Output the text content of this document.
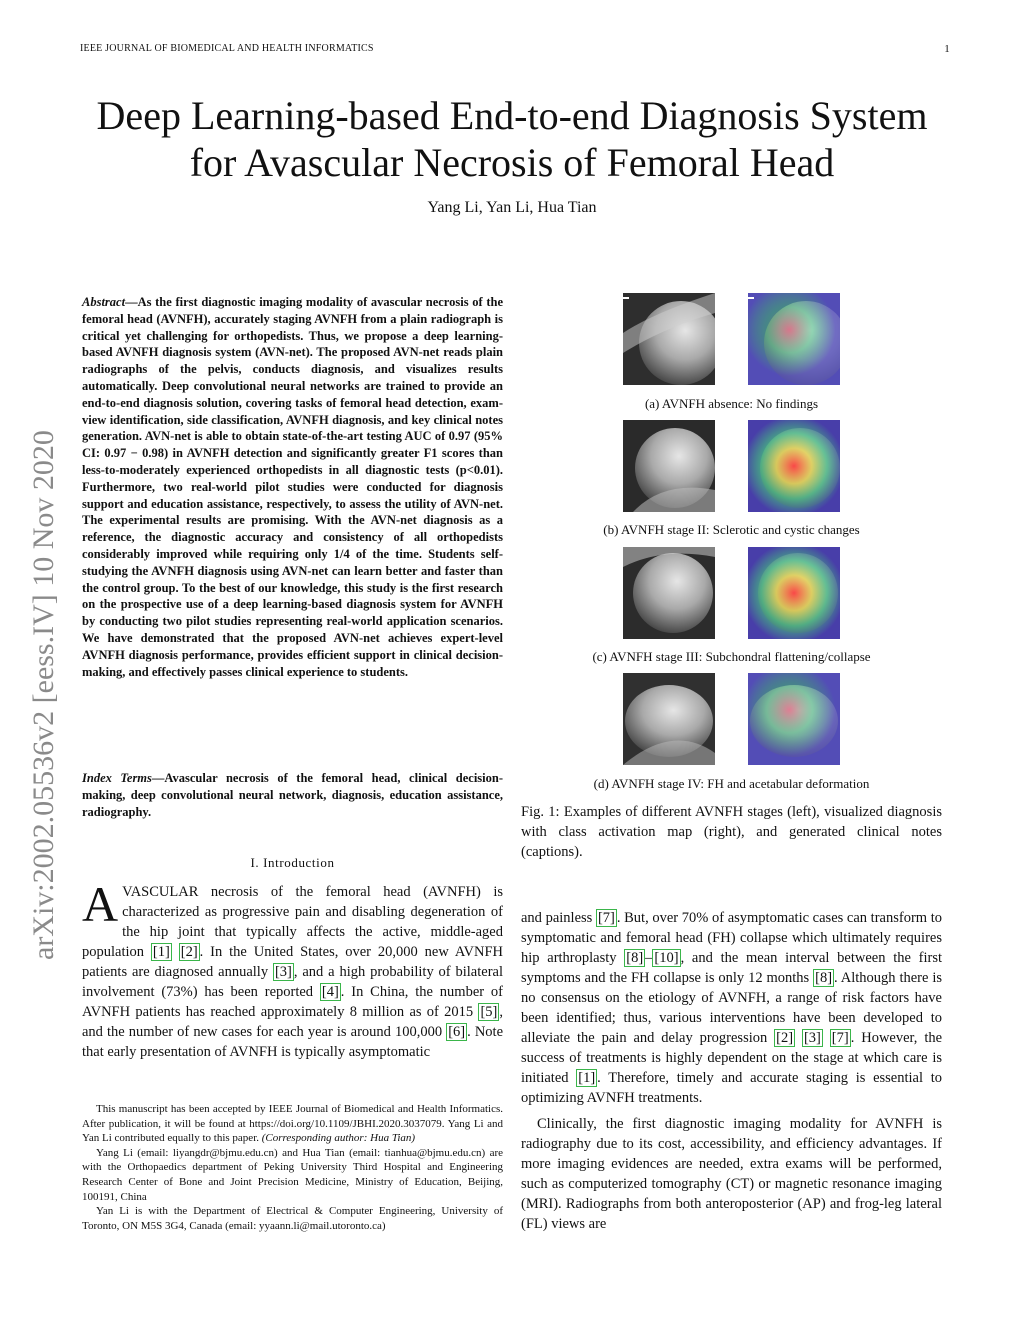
IEEE JOURNAL OF BIOMEDICAL AND HEALTH INFORMATICS	1
Deep Learning-based End-to-end Diagnosis System
for Avascular Necrosis of Femoral Head
Yang Li, Yan Li, Hua Tian
arXiv:2002.05536v2 [eess.IV] 10 Nov 2020
Abstract—As the first diagnostic imaging modality of avascular necrosis of the femoral head (AVNFH), accurately staging AVNFH from a plain radiograph is critical yet challenging for orthopedists. Thus, we propose a deep learning-based AVNFH diagnosis system (AVN-net). The proposed AVN-net reads plain radiographs of the pelvis, conducts diagnosis, and visualizes results automatically. Deep convolutional neural networks are trained to provide an end-to-end diagnosis solution, covering tasks of femoral head detection, exam-view identification, side classification, AVNFH diagnosis, and key clinical notes generation. AVN-net is able to obtain state-of-the-art testing AUC of 0.97 (95% CI: 0.97 − 0.98) in AVNFH detection and significantly greater F1 scores than less-to-moderately experienced orthopedists in all diagnostic tests (p<0.01). Furthermore, two real-world pilot studies were conducted for diagnosis support and education assistance, respectively, to assess the utility of AVN-net. The experimental results are promising. With the AVN-net diagnosis as a reference, the diagnostic accuracy and consistency of all orthopedists considerably improved while requiring only 1/4 of the time. Students self-studying the AVNFH diagnosis using AVN-net can learn better and faster than the control group. To the best of our knowledge, this study is the first research on the prospective use of a deep learning-based diagnosis system for AVNFH by conducting two pilot studies representing real-world application scenarios. We have demonstrated that the proposed AVN-net achieves expert-level AVNFH diagnosis performance, provides efficient support in clinical decision-making, and effectively passes clinical experience to students.
Index Terms—Avascular necrosis of the femoral head, clinical decision-making, deep convolutional neural network, diagnosis, education assistance, radiography.
I. Introduction
AVASCULAR necrosis of the femoral head (AVNFH) is characterized as progressive pain and disabling degeneration of the hip joint that typically affects the active, middle-aged population [1] [2] . In the United States, over 20,000 new AVNFH patients are diagnosed annually [3] , and a high probability of bilateral involvement (73%) has been reported [4] . In China, the number of AVNFH patients has reached approximately 8 million as of 2015 [5] , and the number of new cases for each year is around 100,000 [6] . Note that early presentation of AVNFH is typically asymptomatic

This manuscript has been accepted by IEEE Journal of Biomedical and Health Informatics. After publication, it will be found at https://doi.org/10.1109/JBHI.2020.3037079. Yang Li and Yan Li contributed equally to this paper. (Corresponding author: Hua Tian)

Yang Li (email: liyangdr@bjmu.edu.cn) and Hua Tian (email: tianhua@bjmu.edu.cn) are with the Orthopaedics department of Peking University Third Hospital and Engineering Research Center of Bone and Joint Precision Medicine, Ministry of Education, Beijing, 100191, China

Yan Li is with the Department of Electrical & Computer Engineering, University of Toronto, ON M5S 3G4, Canada (email: yyaann.li@mail.utoronto.ca)

(a) AVNFH absence: No findings
(b) AVNFH stage II: Sclerotic and cystic changes
(c) AVNFH stage III: Subchondral flattening/collapse
(d) AVNFH stage IV: FH and acetabular deformation
Fig. 1: Examples of different AVNFH stages (left), visualized diagnosis with class activation map (right), and generated clinical notes (captions).

and painless [7] . But, over 70% of asymptomatic cases can transform to symptomatic and femoral head (FH) collapse which ultimately requires hip arthroplasty [8] – [10] , and the mean interval between the first symptoms and the FH collapse is only 12 months [8] . Although there is no consensus on the etiology of AVNFH, a range of risk factors have been identified; thus, various interventions have been developed to alleviate the pain and delay progression [2] [3] [7] . However, the success of treatments is highly dependent on the stage at which care is initiated [1] . Therefore, timely and accurate staging is essential to optimizing AVNFH treatments.

Clinically, the first diagnostic imaging modality for AVNFH is radiography due to its cost, accessibility, and efficiency advantages. If more imaging evidences are needed, extra exams will be performed, such as computerized tomography (CT) or magnetic resonance imaging (MRI). Radiographs from both anteroposterior (AP) and frog-leg lateral (FL) views are
